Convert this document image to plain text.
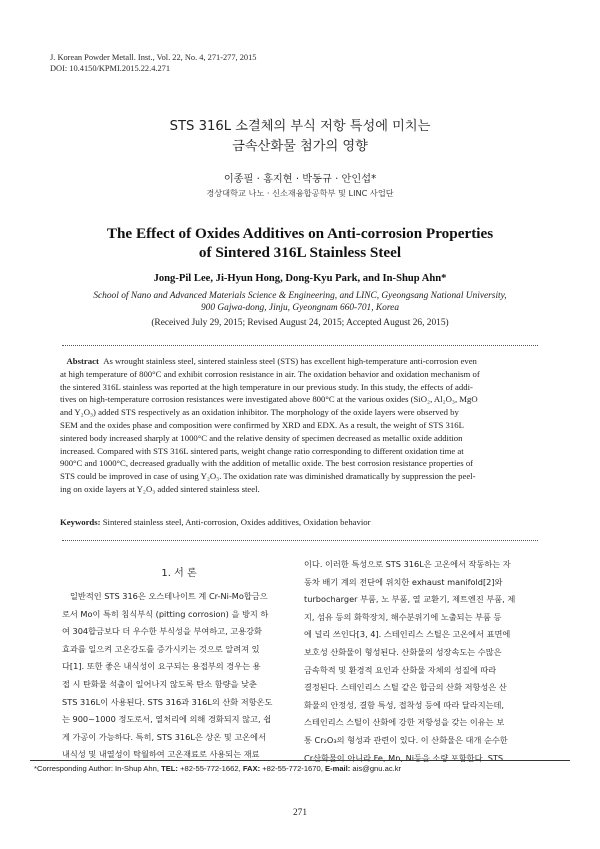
J. Korean Powder Metall. Inst., Vol. 22, No. 4, 271-277, 2015
DOI: 10.4150/KPMI.2015.22.4.271
STS 316L 소결체의 부식 저항 특성에 미치는
금속산화물 첨가의 영향
이종필 · 홍지현 · 박동규 · 안인섭*
경상대학교 나노 · 신소재융합공학부 및 LINC 사업단
The Effect of Oxides Additives on Anti-corrosion Properties
of Sintered 316L Stainless Steel
Jong-Pil Lee, Ji-Hyun Hong, Dong-Kyu Park, and In-Shup Ahn*
School of Nano and Advanced Materials Science & Engineering, and LINC, Gyeongsang National University,
900 Gajwa-dong, Jinju, Gyeongnam 660-701, Korea
(Received July 29, 2015; Revised August 24, 2015; Accepted August 26, 2015)
Abstract As wrought stainless steel, sintered stainless steel (STS) has excellent high-temperature anti-corrosion even
at high temperature of 800°C and exhibit corrosion resistance in air. The oxidation behavior and oxidation mechanism of
the sintered 316L stainless was reported at the high temperature in our previous study. In this study, the effects of addi-
tives on high-temperature corrosion resistances were investigated above 800°C at the various oxides (SiO₂, Al₂O₃, MgO
and Y₂O₃) added STS respectively as an oxidation inhibitor. The morphology of the oxide layers were observed by
SEM and the oxides phase and composition were confirmed by XRD and EDX. As a result, the weight of STS 316L
sintered body increased sharply at 1000°C and the relative density of specimen decreased as metallic oxide addition
increased. Compared with STS 316L sintered parts, weight change ratio corresponding to different oxidation time at
900°C and 1000°C, decreased gradually with the addition of metallic oxide. The best corrosion resistance properties of
STS could be improved in case of using Y₂O₃. The oxidation rate was diminished dramatically by suppression the peel-
ing on oxide layers at Y₂O₃ added sintered stainless steel.
Keywords: Sintered stainless steel, Anti-corrosion, Oxides additives, Oxidation behavior
1. 서 론
일반적인 STS 316은 오스테나이트 계 Cr-Ni-Mo합금으
로서 Mo이 특히 침식부식 (pitting corrosion) 을 방지 하
여 304합금보다 더 우수한 부식성을 부여하고, 고용강화
효과를 일으켜 고온강도를 증가시키는 것으로 알려져 있
다[1]. 또한 좋은 내식성이 요구되는 용접부의 경우는 용
접 시 탄화물 석출이 일어나지 않도록 탄소 함량을 낮춘
STS 316L이 사용된다. STS 316과 316L의 산화 저항온도
는 900~1000 정도로서, 열처리에 의해 경화되지 않고, 쉽
게 가공이 가능하다. 특히, STS 316L은 상온 및 고온에서
내식성 및 내열성이 탁월하여 고온재료로 사용되는 재료
이다. 이러한 특성으로 STS 316L은 고온에서 작동하는 자
동차 배기 계의 전단에 위치한 exhaust manifold[2]와
turbocharger 부품, 노 부품, 열 교환기, 제트엔진 부품, 제
지, 섬유 등의 화학장치, 해수분위기에 노출되는 부품 등
에 널리 쓰인다[3, 4]. 스테인리스 스틸은 고온에서 표면에
보호성 산화물이 형성된다. 산화물의 성장속도는 수많은
금속학적 및 환경적 요인과 산화물 자체의 성질에 따라
결정된다. 스테인리스 스틸 같은 합금의 산화 저항성은 산
화물의 안정성, 결함 특성, 접착성 등에 따라 달라지는데,
스테인리스 스틸이 산화에 강한 저항성을 갖는 이유는 보
통 Cr₂O₃의 형성과 관련이 있다. 이 산화물은 대개 순수한
Cr산화물이 아니라 Fe, Mn, Ni등을 소량 포함한다. STS
*Corresponding Author: In-Shup Ahn, TEL: +82-55-772-1662, FAX: +82-55-772-1670, E-mail: ais@gnu.ac.kr
271
